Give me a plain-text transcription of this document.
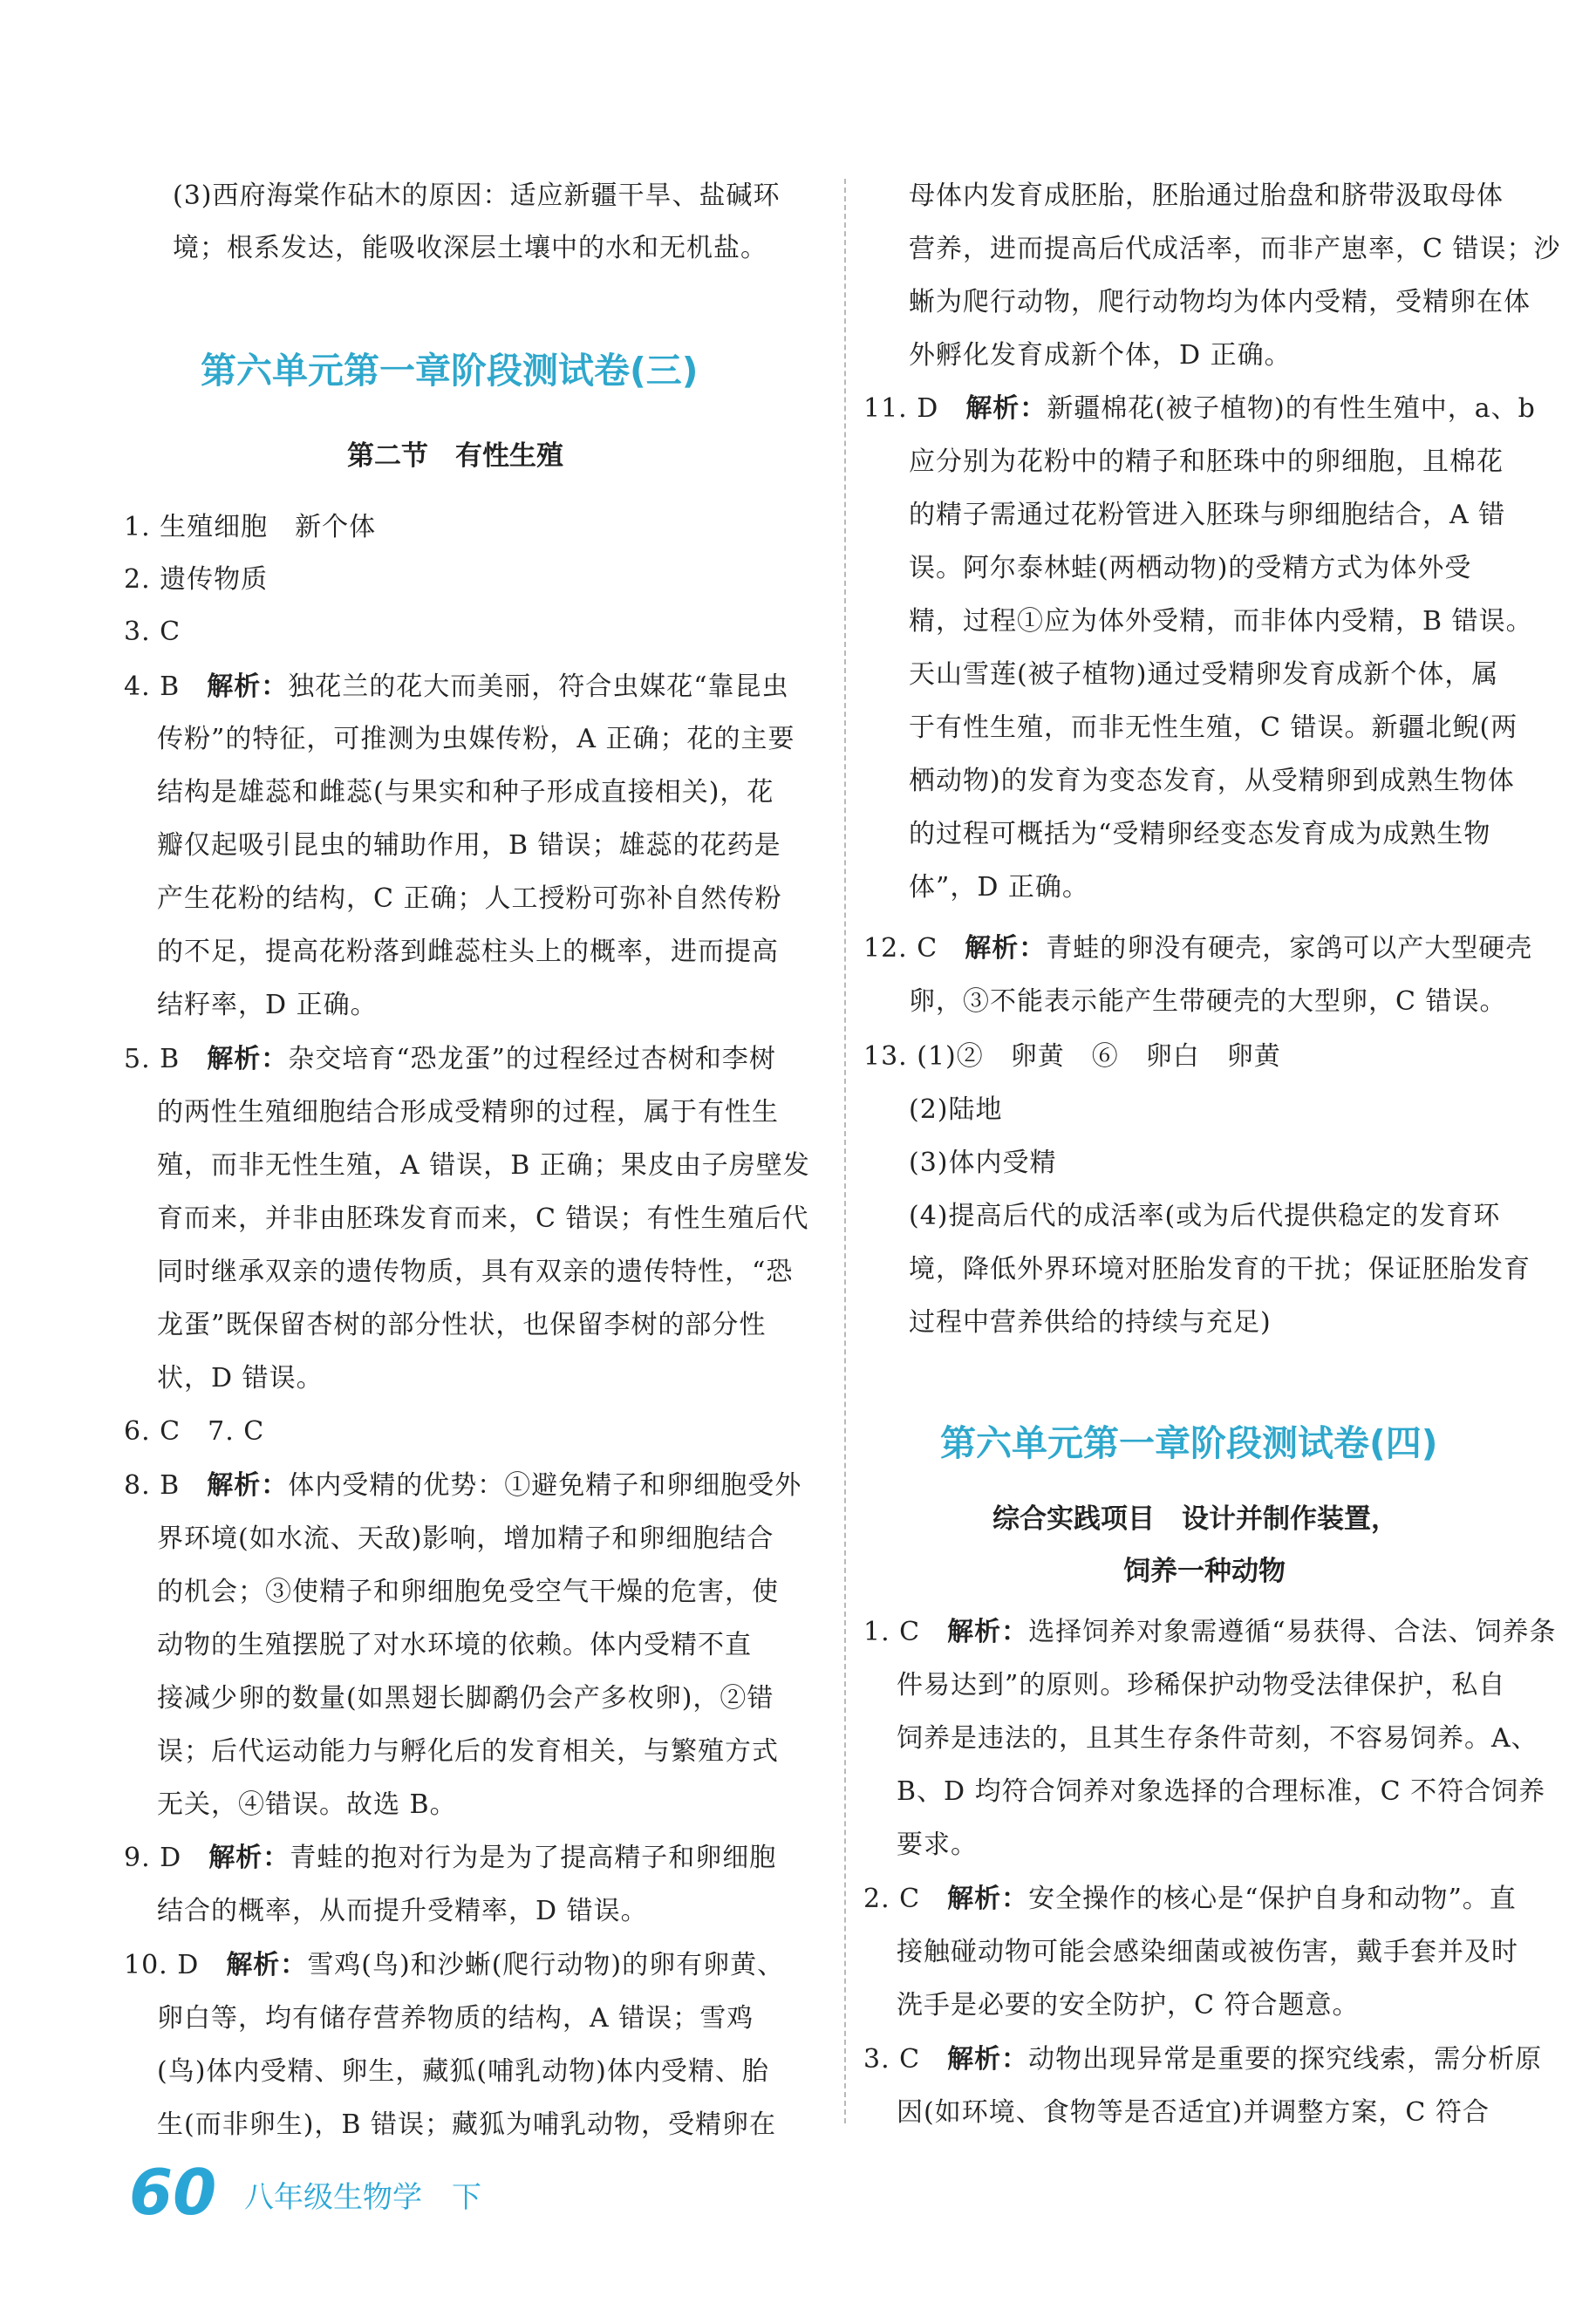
(3)西府海棠作砧木的原因：适应新疆干旱、盐碱环
境；根系发达，能吸收深层土壤中的水和无机盐。
第六单元第一章阶段测试卷(三)
第二节　有性生殖
1. 生殖细胞　新个体
2. 遗传物质
3. C
4. B　解析：独花兰的花大而美丽，符合虫媒花“靠昆虫
传粉”的特征，可推测为虫媒传粉，A 正确；花的主要
结构是雄蕊和雌蕊(与果实和种子形成直接相关)，花
瓣仅起吸引昆虫的辅助作用，B 错误；雄蕊的花药是
产生花粉的结构，C 正确；人工授粉可弥补自然传粉
的不足，提高花粉落到雌蕊柱头上的概率，进而提高
结籽率，D 正确。
5. B　解析：杂交培育“恐龙蛋”的过程经过杏树和李树
的两性生殖细胞结合形成受精卵的过程，属于有性生
殖，而非无性生殖，A 错误，B 正确；果皮由子房壁发
育而来，并非由胚珠发育而来，C 错误；有性生殖后代
同时继承双亲的遗传物质，具有双亲的遗传特性，“恐
龙蛋”既保留杏树的部分性状，也保留李树的部分性
状，D 错误。
6. C　7. C
8. B　解析：体内受精的优势：①避免精子和卵细胞受外
界环境(如水流、天敌)影响，增加精子和卵细胞结合
的机会；③使精子和卵细胞免受空气干燥的危害，使
动物的生殖摆脱了对水环境的依赖。体内受精不直
接减少卵的数量(如黑翅长脚鹬仍会产多枚卵)，②错
误；后代运动能力与孵化后的发育相关，与繁殖方式
无关，④错误。故选 B。
9. D　解析：青蛙的抱对行为是为了提高精子和卵细胞
结合的概率，从而提升受精率，D 错误。
10. D　解析：雪鸡(鸟)和沙蜥(爬行动物)的卵有卵黄、
卵白等，均有储存营养物质的结构，A 错误；雪鸡
(鸟)体内受精、卵生，藏狐(哺乳动物)体内受精、胎
生(而非卵生)，B 错误；藏狐为哺乳动物，受精卵在
母体内发育成胚胎，胚胎通过胎盘和脐带汲取母体
营养，进而提高后代成活率，而非产崽率，C 错误；沙
蜥为爬行动物，爬行动物均为体内受精，受精卵在体
外孵化发育成新个体，D 正确。
11. D　解析：新疆棉花(被子植物)的有性生殖中，a、b
应分别为花粉中的精子和胚珠中的卵细胞，且棉花
的精子需通过花粉管进入胚珠与卵细胞结合，A 错
误。阿尔泰林蛙(两栖动物)的受精方式为体外受
精，过程①应为体外受精，而非体内受精，B 错误。
天山雪莲(被子植物)通过受精卵发育成新个体，属
于有性生殖，而非无性生殖，C 错误。新疆北鲵(两
栖动物)的发育为变态发育，从受精卵到成熟生物体
的过程可概括为“受精卵经变态发育成为成熟生物
体”，D 正确。
12. C　解析：青蛙的卵没有硬壳，家鸽可以产大型硬壳
卵，③不能表示能产生带硬壳的大型卵，C 错误。
13. (1)②　卵黄　⑥　卵白　卵黄
(2)陆地
(3)体内受精
(4)提高后代的成活率(或为后代提供稳定的发育环
境，降低外界环境对胚胎发育的干扰；保证胚胎发育
过程中营养供给的持续与充足)
第六单元第一章阶段测试卷(四)
综合实践项目　设计并制作装置，
饲养一种动物
1. C　解析：选择饲养对象需遵循“易获得、合法、饲养条
件易达到”的原则。珍稀保护动物受法律保护，私自
饲养是违法的，且其生存条件苛刻，不容易饲养。A、
B、D 均符合饲养对象选择的合理标准，C 不符合饲养
要求。
2. C　解析：安全操作的核心是“保护自身和动物”。直
接触碰动物可能会感染细菌或被伤害，戴手套并及时
洗手是必要的安全防护，C 符合题意。
3. C　解析：动物出现异常是重要的探究线索，需分析原
因(如环境、食物等是否适宜)并调整方案，C 符合
60 八年级生物学　下
